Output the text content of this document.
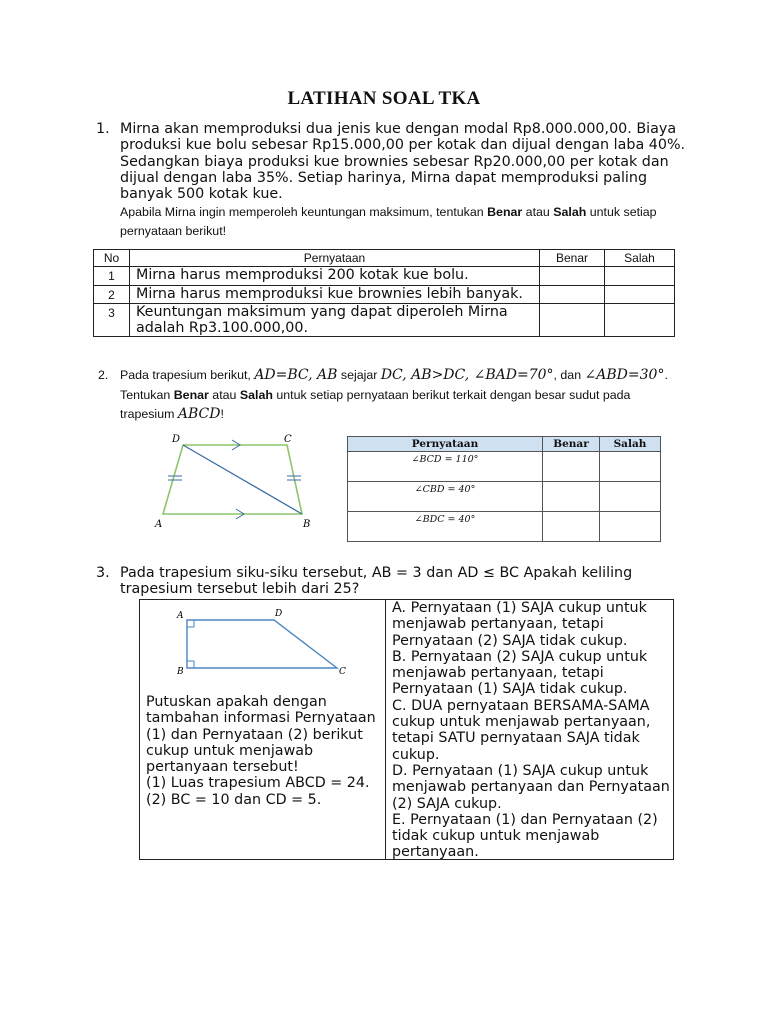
LATIHAN SOAL TKA
1. Mirna akan memproduksi dua jenis kue dengan modal Rp8.000.000,00. Biaya produksi kue bolu sebesar Rp15.000,00 per kotak dan dijual dengan laba 40%. Sedangkan biaya produksi kue brownies sebesar Rp20.000,00 per kotak dan dijual dengan laba 35%. Setiap harinya, Mirna dapat memproduksi paling banyak 500 kotak kue.
Apabila Mirna ingin memperoleh keuntungan maksimum, tentukan Benar atau Salah untuk setiap pernyataan berikut!
No	Pernyataan	Benar	Salah
1	Mirna harus memproduksi 200 kotak kue bolu.		
2	Mirna harus memproduksi kue brownies lebih banyak.		
3	Keuntungan maksimum yang dapat diperoleh Mirna adalah Rp3.100.000,00.		
2. Pada trapesium berikut, AD=BC, AB sejajar DC, AB>DC, ∠BAD=70°, dan ∠ABD=30°. Tentukan Benar atau Salah untuk setiap pernyataan berikut terkait dengan besar sudut pada trapesium ABCD!
D	C
A	B
Pernyataan	Benar	Salah
∠BCD = 110°		
∠CBD = 40°		
∠BDC = 40°		
3. Pada trapesium siku-siku tersebut, AB = 3 dan AD ≤ BC Apakah keliling trapesium tersebut lebih dari 25?
A	D
B	C
Putuskan apakah dengan tambahan informasi Pernyataan (1) dan Pernyataan (2) berikut cukup untuk menjawab pertanyaan tersebut!
(1) Luas trapesium ABCD = 24.
(2) BC = 10 dan CD = 5.
A. Pernyataan (1) SAJA cukup untuk menjawab pertanyaan, tetapi Pernyataan (2) SAJA tidak cukup.
B. Pernyataan (2) SAJA cukup untuk menjawab pertanyaan, tetapi Pernyataan (1) SAJA tidak cukup.
C. DUA pernyataan BERSAMA-SAMA cukup untuk menjawab pertanyaan, tetapi SATU pernyataan SAJA tidak cukup.
D. Pernyataan (1) SAJA cukup untuk menjawab pertanyaan dan Pernyataan (2) SAJA cukup.
E. Pernyataan (1) dan Pernyataan (2) tidak cukup untuk menjawab pertanyaan.
